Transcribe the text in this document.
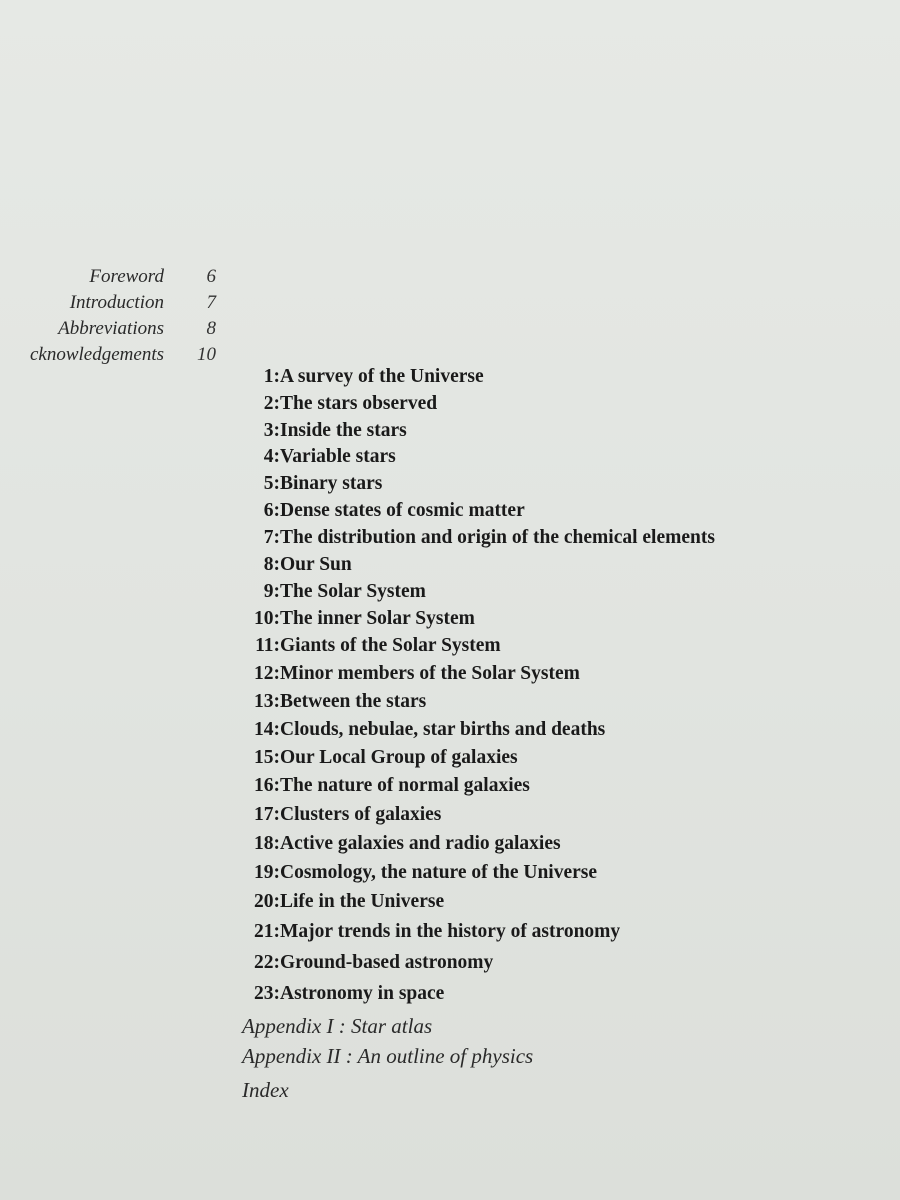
Foreword 6
Introduction 7
Abbreviations 8
cknowledgements 10
1:A survey of the Universe
2:The stars observed
3:Inside the stars
4:Variable stars
5:Binary stars
6:Dense states of cosmic matter
7:The distribution and origin of the chemical elements
8:Our Sun
9:The Solar System
10:The inner Solar System
11:Giants of the Solar System
12:Minor members of the Solar System
13:Between the stars
14:Clouds, nebulae, star births and deaths
15:Our Local Group of galaxies
16:The nature of normal galaxies
17:Clusters of galaxies
18:Active galaxies and radio galaxies
19:Cosmology, the nature of the Universe
20:Life in the Universe
21:Major trends in the history of astronomy
22:Ground-based astronomy
23:Astronomy in space
Appendix I : Star atlas
Appendix II : An outline of physics
Index
